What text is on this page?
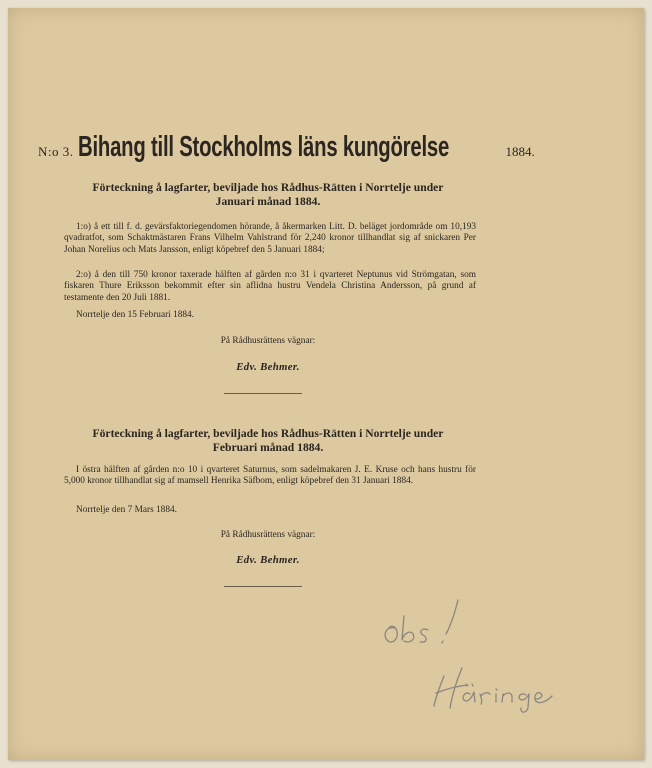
N:o 3. Bihang till Stockholms läns kungörelse	1884.
Förteckning å lagfarter, beviljade hos Rådhus-Rätten i Norrtelje under
Januari månad 1884.
1:o) å ett till f. d. gevärsfaktoriegendomen hörande, å åkermarken Litt. D. beläget jordområde om 10,193 qvadratfot, som Schaktmästaren Frans Vilhelm Vahlstrand för 2,240 kronor tillhandlat sig af snickaren Per Johan Norelius och Mats Jansson, enligt köpebref den 5 Januari 1884;
2:o) å den till 750 kronor taxerade hälften af gården n:o 31 i qvarteret Neptunus vid Strömgatan, som fiskaren Thure Eriksson bekommit efter sin aflidna hustru Vendela Christina Andersson, på grund af testamente den 20 Juli 1881.
Norrtelje den 15 Februari 1884.
På Rådhusrättens vägnar:
Edv. Behmer.
Förteckning å lagfarter, beviljade hos Rådhus-Rätten i Norrtelje under
Februari månad 1884.
I östra hälften af gården n:o 10 i qvarteret Saturnus, som sadelmakaren J. E. Kruse och hans hustru för 5,000 kronor tillhandlat sig af mamsell Henrika Säfbom, enligt köpebref den 31 Januari 1884.
Norrtelje den 7 Mars 1884.
På Rådhusrättens vägnar:
Edv. Behmer.
